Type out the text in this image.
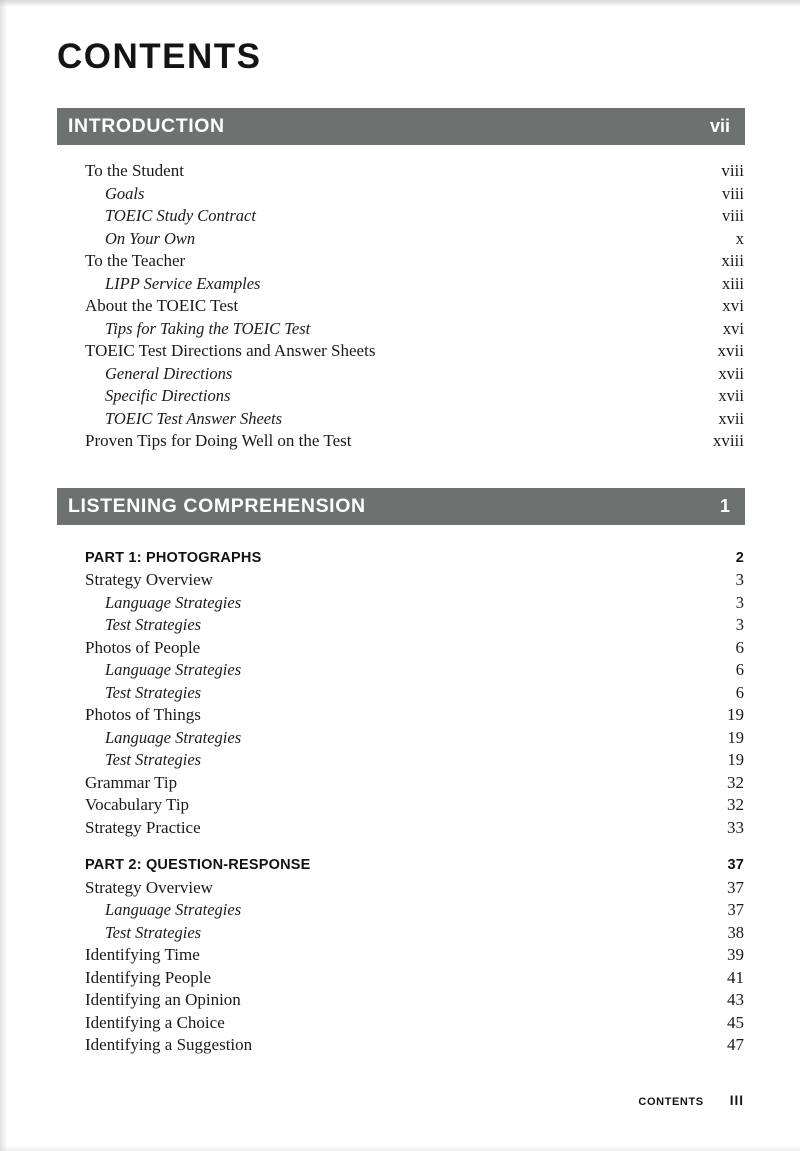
CONTENTS
INTRODUCTION	vii
To the Student	viii
Goals	viii
TOEIC Study Contract	viii
On Your Own	x
To the Teacher	xiii
LIPP Service Examples	xiii
About the TOEIC Test	xvi
Tips for Taking the TOEIC Test	xvi
TOEIC Test Directions and Answer Sheets	xvii
General Directions	xvii
Specific Directions	xvii
TOEIC Test Answer Sheets	xvii
Proven Tips for Doing Well on the Test	xviii
LISTENING COMPREHENSION	1
PART 1: PHOTOGRAPHS	2
Strategy Overview	3
Language Strategies	3
Test Strategies	3
Photos of People	6
Language Strategies	6
Test Strategies	6
Photos of Things	19
Language Strategies	19
Test Strategies	19
Grammar Tip	32
Vocabulary Tip	32
Strategy Practice	33
PART 2: QUESTION-RESPONSE	37
Strategy Overview	37
Language Strategies	37
Test Strategies	38
Identifying Time	39
Identifying People	41
Identifying an Opinion	43
Identifying a Choice	45
Identifying a Suggestion	47
CONTENTS III
